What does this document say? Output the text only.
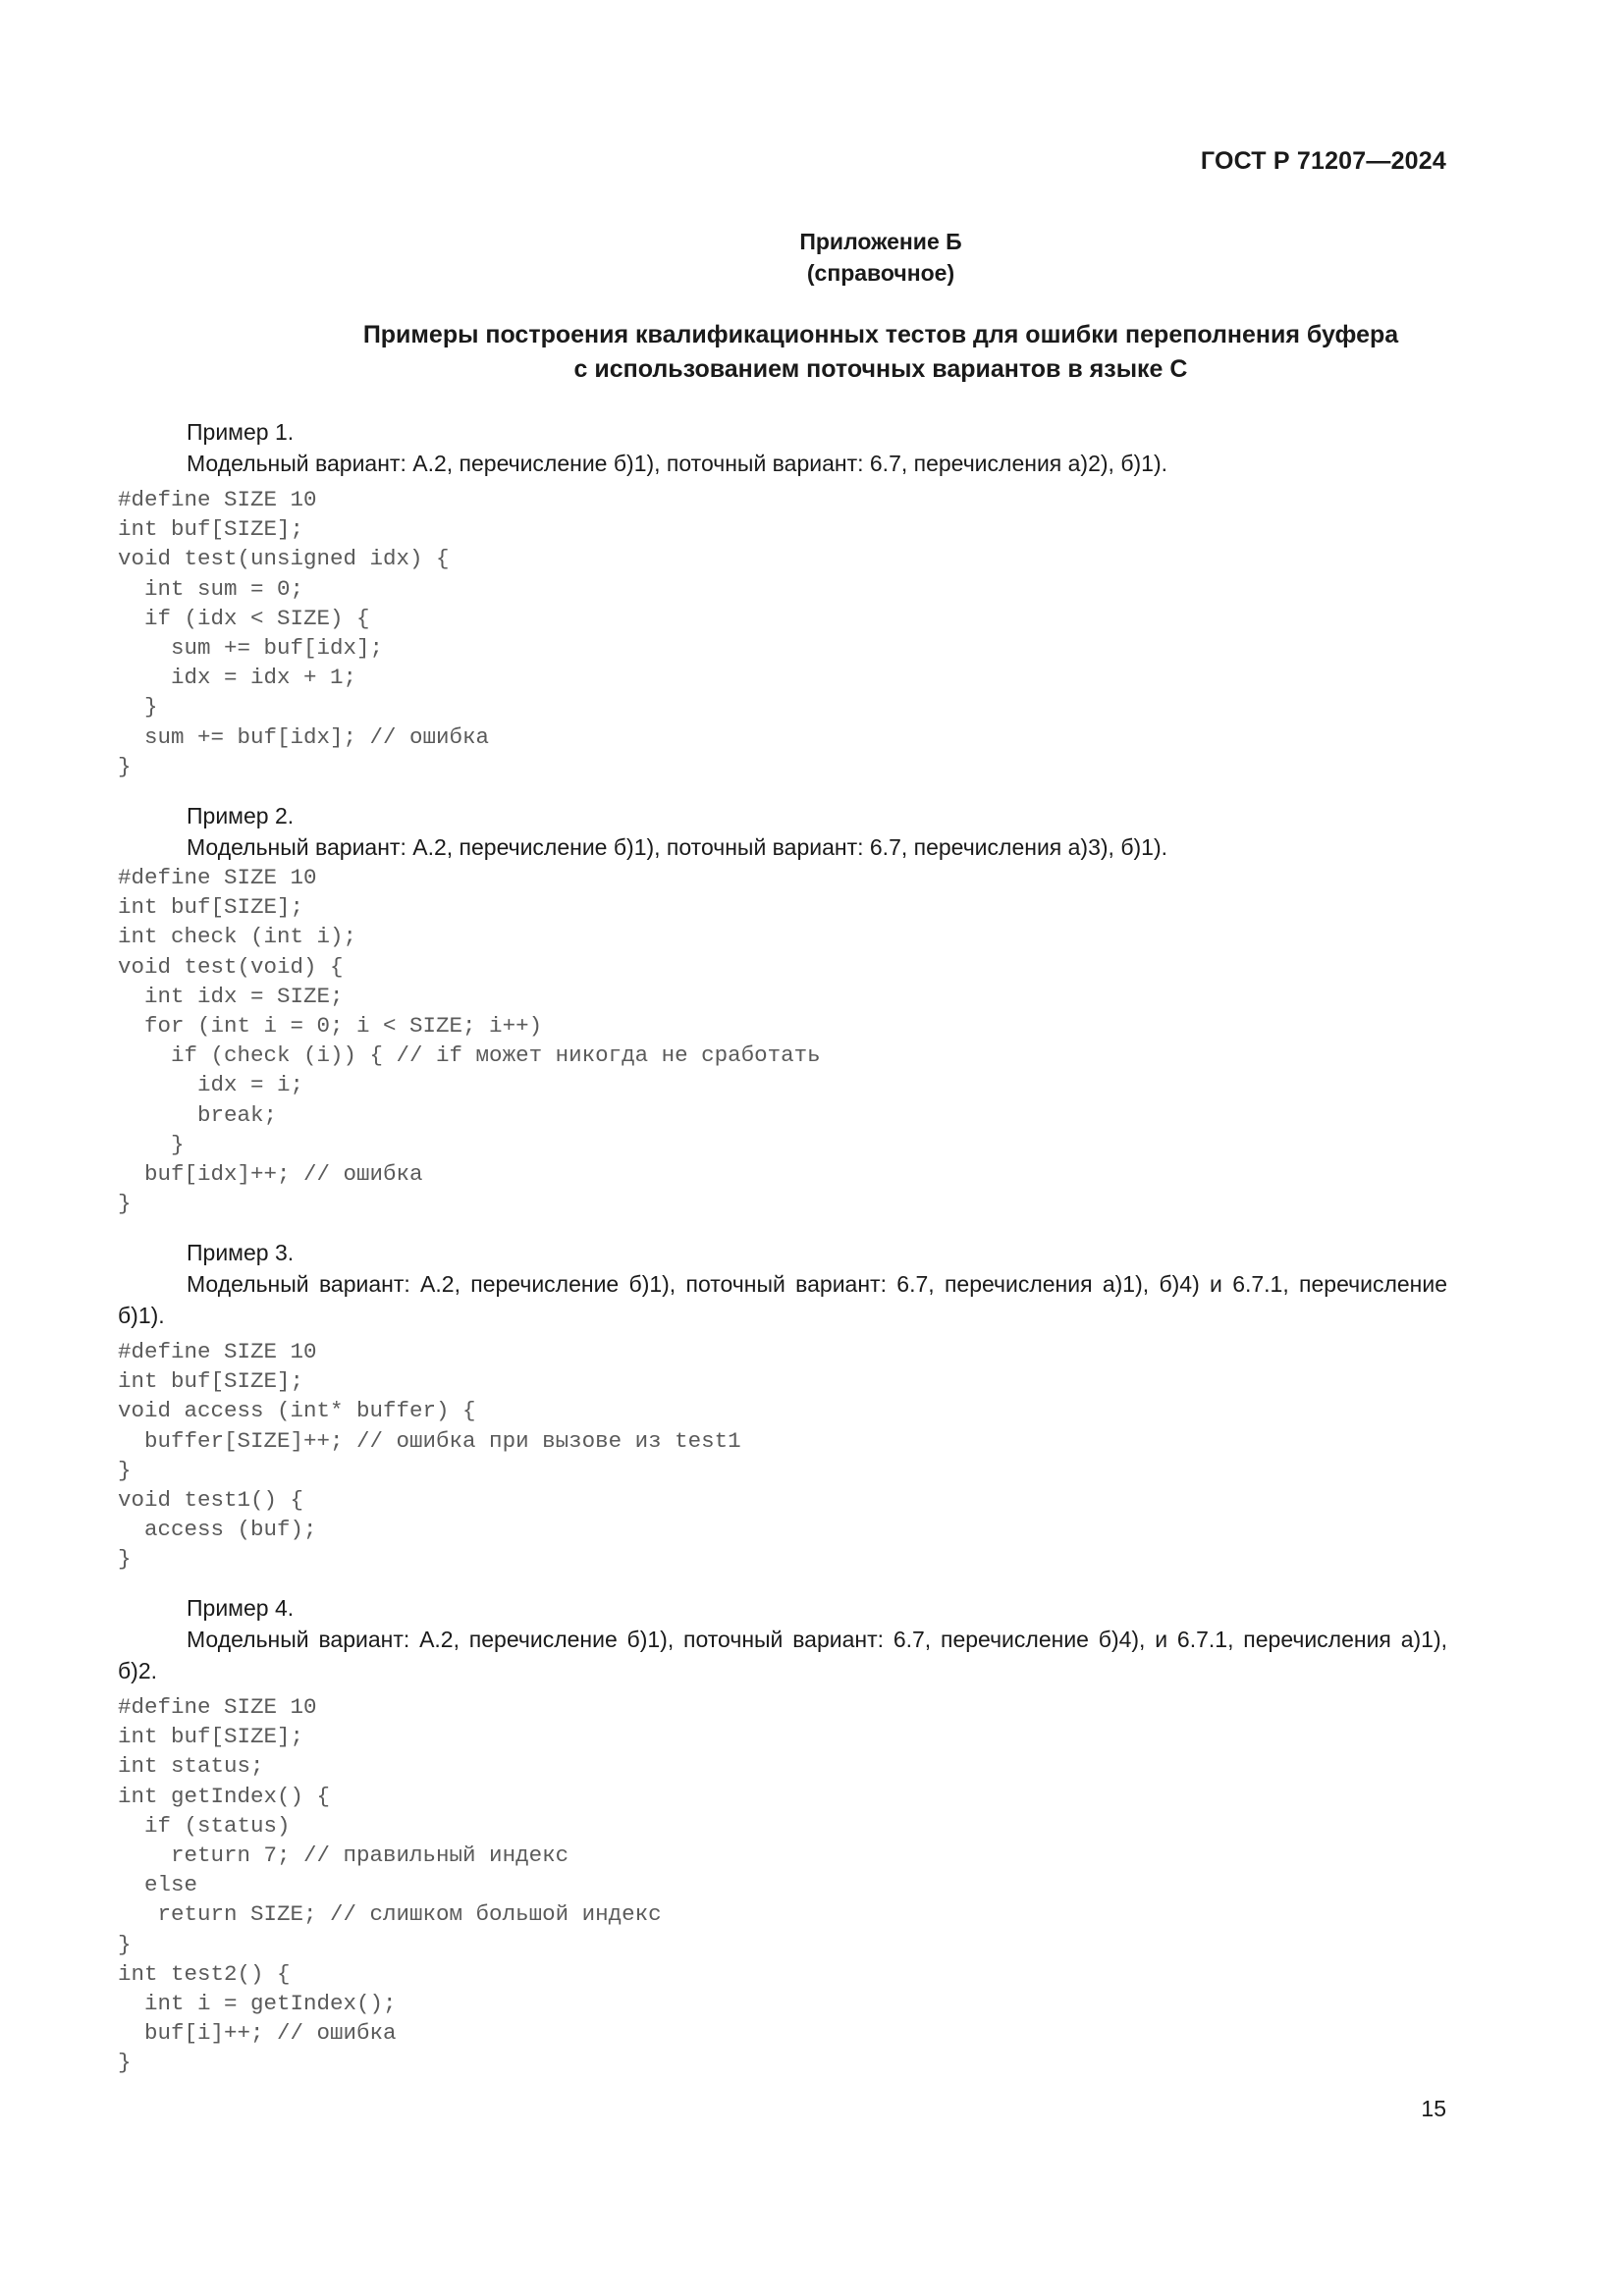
ГОСТ Р 71207—2024
Приложение Б
(справочное)
Примеры построения квалификационных тестов для ошибки переполнения буфера
с использованием поточных вариантов в языке С
Пример 1.
Модельный вариант: А.2, перечисление б)1), поточный вариант: 6.7, перечисления а)2), б)1).
#define SIZE 10
int buf[SIZE];
void test(unsigned idx) {
int sum = 0;
if (idx < SIZE) {
sum += buf[idx];
idx = idx + 1;
}
sum += buf[idx]; // ошибка
}
Пример 2.
Модельный вариант: А.2, перечисление б)1), поточный вариант: 6.7, перечисления а)3), б)1).
#define SIZE 10
int buf[SIZE];
int check (int i);
void test(void) {
int idx = SIZE;
for (int i = 0; i < SIZE; i++)
if (check (i)) { // if может никогда не сработать
idx = i;
break;
}
buf[idx]++; // ошибка
}
Пример 3.
Модельный вариант: А.2, перечисление б)1), поточный вариант: 6.7, перечисления а)1), б)4) и 6.7.1, перечисление б)1).
#define SIZE 10
int buf[SIZE];
void access (int* buffer) {
buffer[SIZE]++; // ошибка при вызове из test1
}
void test1() {
access (buf);
}
Пример 4.
Модельный вариант: А.2, перечисление б)1), поточный вариант: 6.7, перечисление б)4), и 6.7.1, перечисления а)1), б)2.
#define SIZE 10
int buf[SIZE];
int status;
int getIndex() {
if (status)
return 7; // правильный индекс
else
return SIZE; // слишком большой индекс
}
int test2() {
int i = getIndex();
buf[i]++; // ошибка
}
15
